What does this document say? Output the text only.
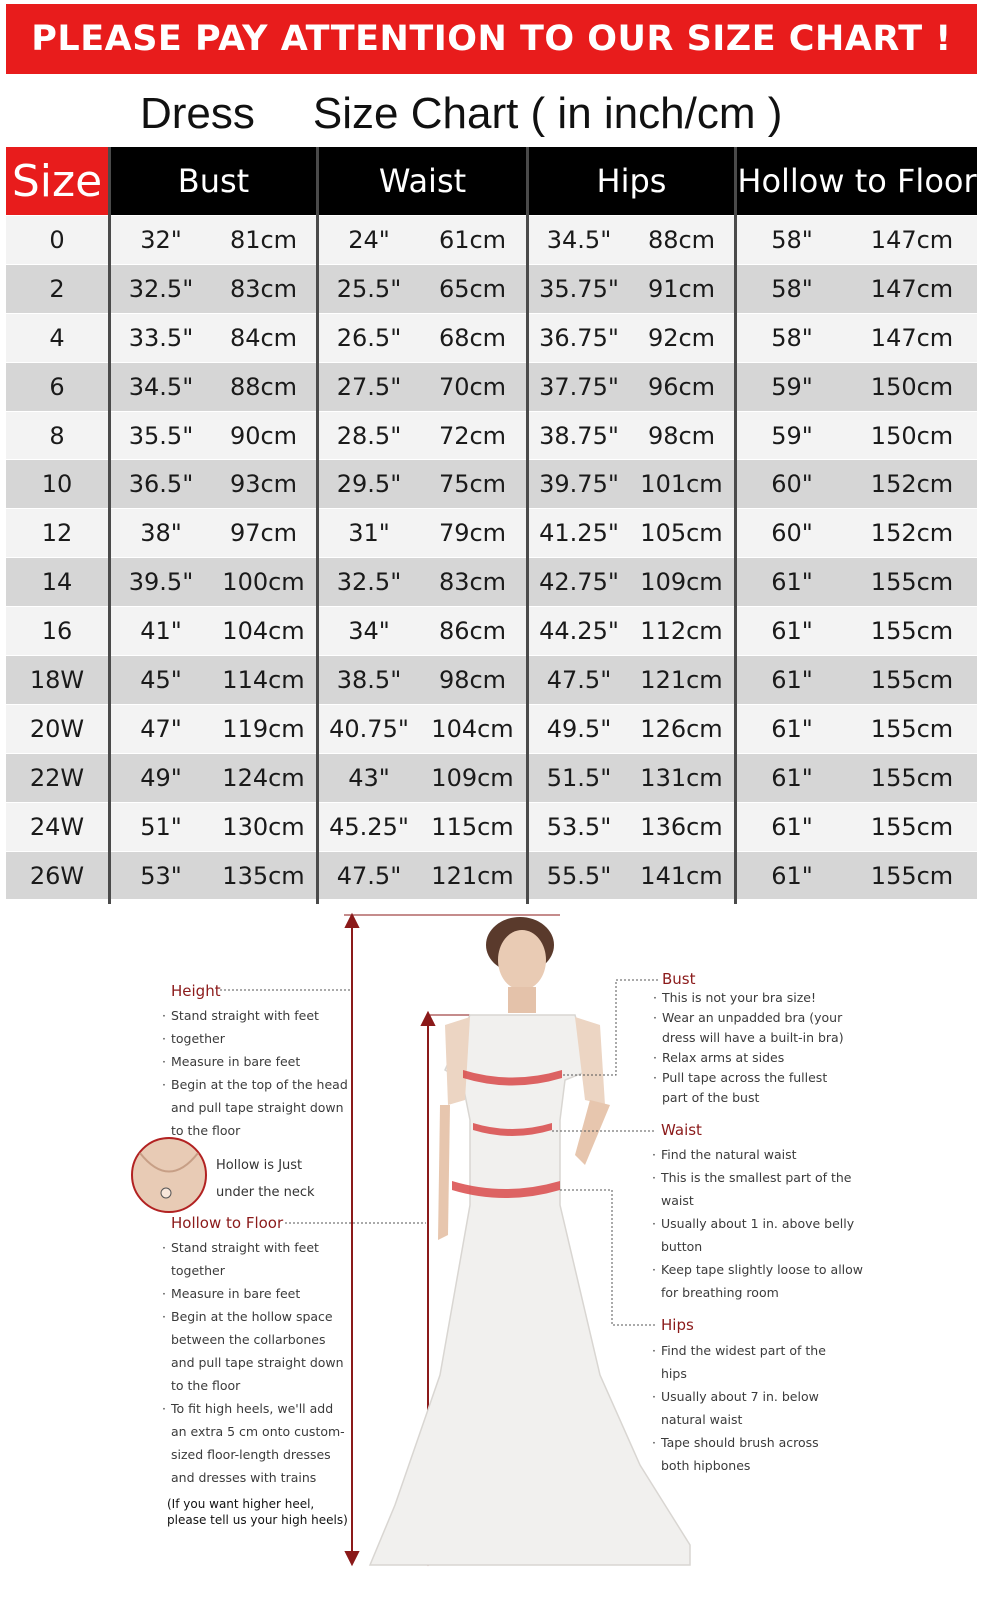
PLEASE PAY ATTENTION TO OUR SIZE CHART !
Dress Size Chart ( in inch/cm )
Size	Bust	Waist	Hips	Hollow to Floor
0	32"	81cm	24"	61cm	34.5"	88cm	58"	147cm
2	32.5"	83cm	25.5"	65cm	35.75"	91cm	58"	147cm
4	33.5"	84cm	26.5"	68cm	36.75"	92cm	58"	147cm
6	34.5"	88cm	27.5"	70cm	37.75"	96cm	59"	150cm
8	35.5"	90cm	28.5"	72cm	38.75"	98cm	59"	150cm
10	36.5"	93cm	29.5"	75cm	39.75" 101cm	60"	152cm
12	38"	97cm	31"	79cm	41.25" 105cm	60"	152cm
14	39.5"	100cm	32.5"	83cm	42.75" 109cm	61"	155cm
16	41"	104cm	34"	86cm	44.25" 112cm	61"	155cm
18W	45"	114cm	38.5"	98cm	47.5"	121cm	61"	155cm
20W	47"	119cm	40.75" 104cm	49.5"	126cm	61"	155cm
22W	49"	124cm	43"	109cm	51.5"	131cm	61"	155cm
24W	51"	130cm	45.25" 115cm	53.5"	136cm	61"	155cm
26W	53"	135cm	47.5"	121cm	55.5"	141cm	61"	155cm
Height
· Stand straight with feet
· together
· Measure in bare feet
· Begin at the top of the head
and pull tape straight down
to the floor
Hollow is Just
under the neck
Hollow to Floor
· Stand straight with feet
together
· Measure in bare feet
· Begin at the hollow space
between the collarbones
and pull tape straight down
to the floor
· To fit high heels, we'll add
an extra 5 cm onto custom-
sized floor-length dresses
and dresses with trains
(If you want higher heel,
please tell us your high heels)
Bust
· This is not your bra size!
· Wear an unpadded bra (your
dress will have a built-in bra)
· Relax arms at sides
· Pull tape across the fullest
part of the bust
Waist
· Find the natural waist
· This is the smallest part of the
waist
· Usually about 1 in. above belly
button
· Keep tape slightly loose to allow
for breathing room
Hips
· Find the widest part of the
hips
· Usually about 7 in. below
natural waist
· Tape should brush across
both hipbones
